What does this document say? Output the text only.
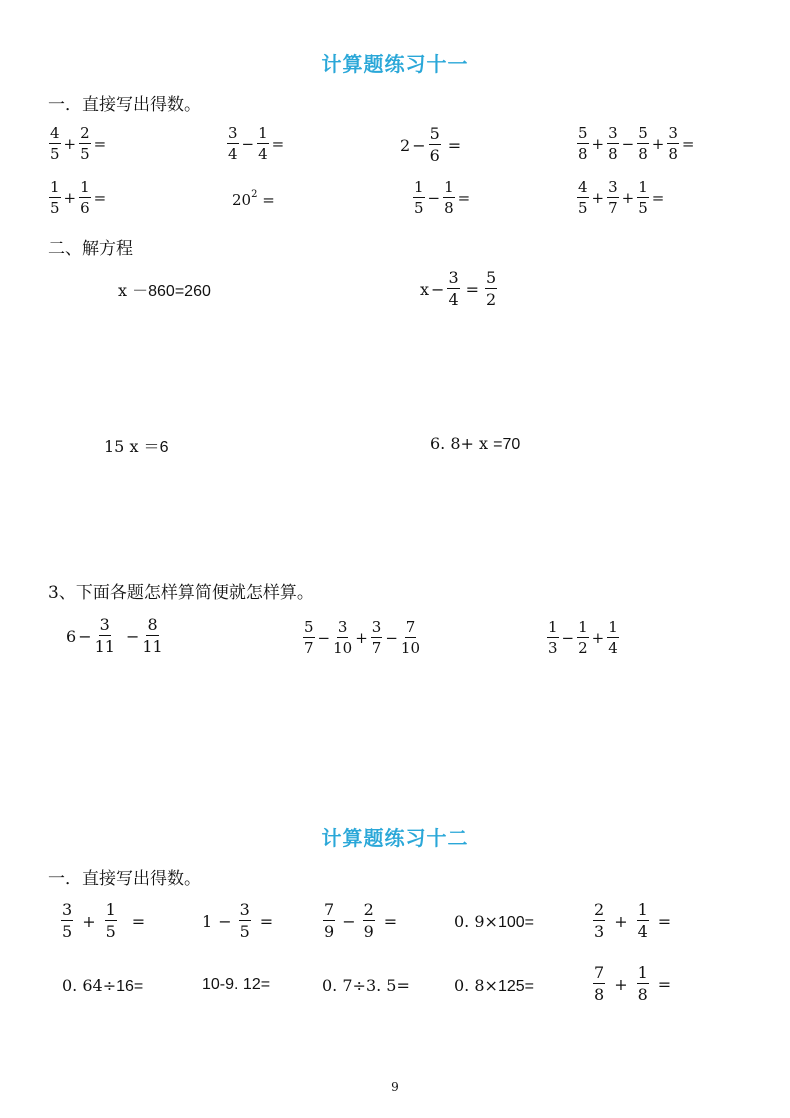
计算题练习十一
一．直接写出得数。
$\frac{4}{5} + \frac{2}{5}$ =	$\frac{3}{4} - \frac{1}{4}$ =	$2 - \frac{5}{6}$ =	$\frac{5}{8} + \frac{3}{8} - \frac{5}{8} + \frac{3}{8}$ =
$\frac{1}{5} + \frac{1}{6}$ =	$20^2$ =	$\frac{1}{5} - \frac{1}{8}$ =	$\frac{4}{5} + \frac{3}{7} + \frac{1}{5}$ =
二、解方程
x －860=260	$x - \frac{3}{4} = \frac{5}{2}$
15 x ＝6	6. 8+ x =70
3、下面各题怎样算简便就怎样算。
$6 - \frac{3}{11} - \frac{8}{11}$	$\frac{5}{7} - \frac{3}{10} + \frac{3}{7} - \frac{7}{10}$	$\frac{1}{3} - \frac{1}{2} + \frac{1}{4}$
计算题练习十二
一．直接写出得数。
$\frac{3}{5} + \frac{1}{5}$ =	$1 - \frac{3}{5}$ =	$\frac{7}{9} - \frac{2}{9}$ =	0. 9×100=	$\frac{2}{3} + \frac{1}{4}$ =
0. 64÷16=	10-9. 12=	0. 7÷3. 5=	0. 8×125=	$\frac{7}{8} + \frac{1}{8}$ =
9
